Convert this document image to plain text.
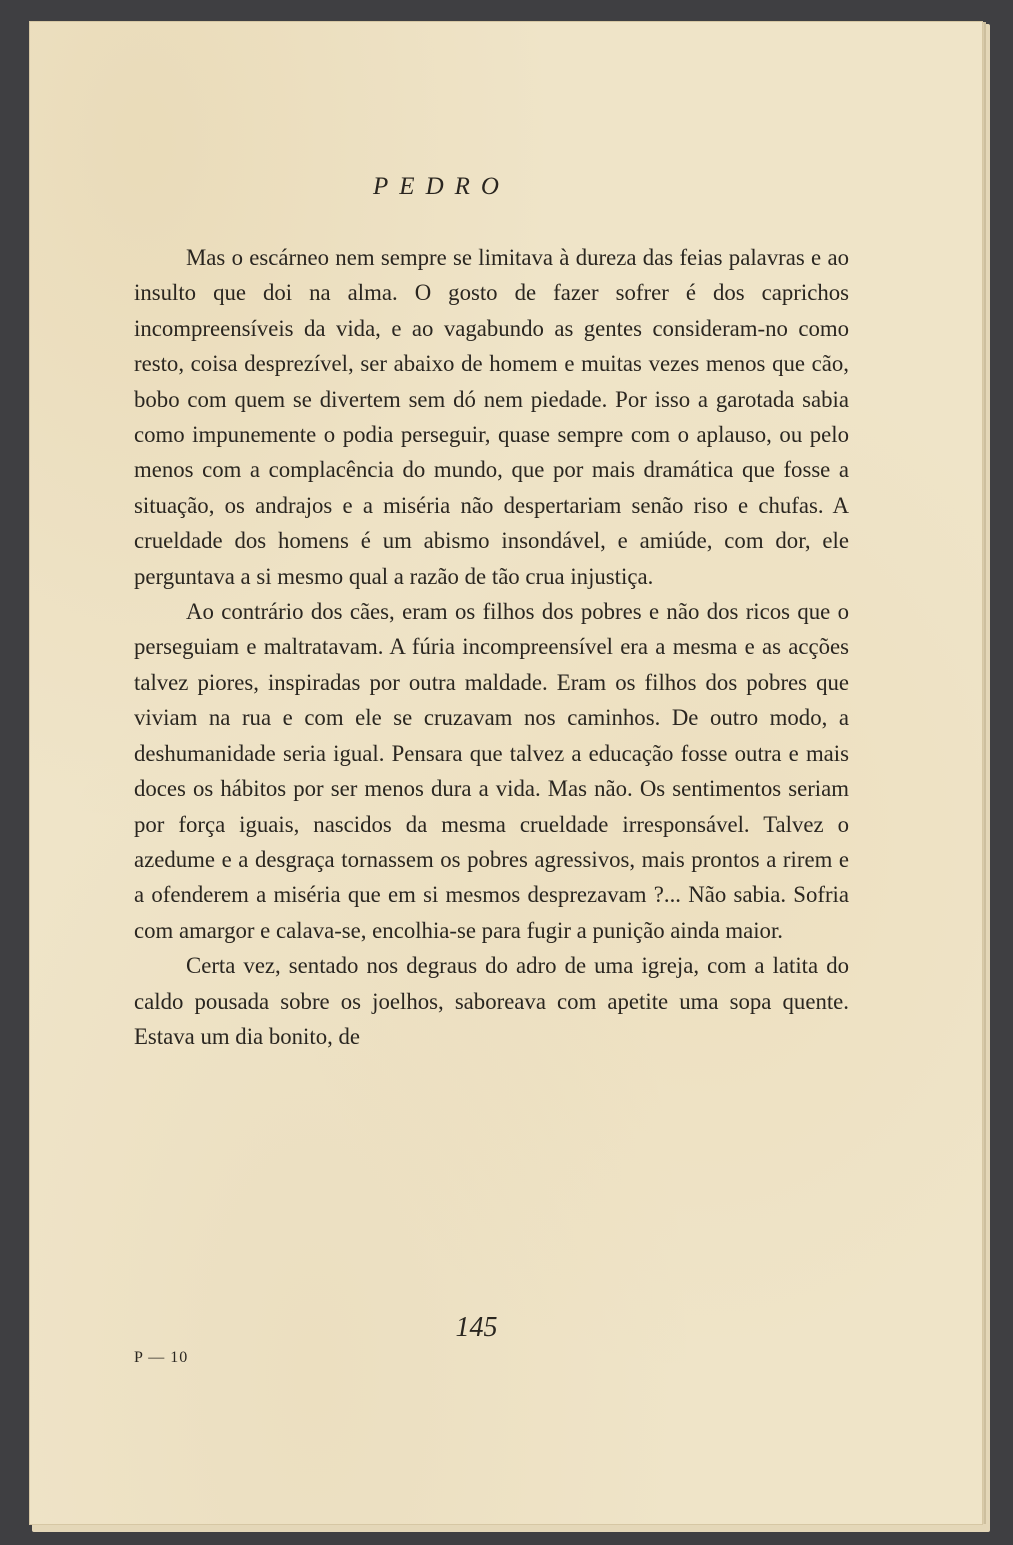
PEDRO

Mas o escárneo nem sempre se limitava à dureza das feias palavras e ao insulto que doi na alma. O gosto de fazer sofrer é dos caprichos incompreensíveis da vida, e ao vagabundo as gentes consideram-no como resto, coisa desprezível, ser abaixo de homem e muitas vezes menos que cão, bobo com quem se divertem sem dó nem piedade. Por isso a garotada sabia como impunemente o podia perseguir, quase sempre com o aplauso, ou pelo menos com a complacência do mundo, que por mais dramática que fosse a situação, os andrajos e a miséria não despertariam senão riso e chufas. A crueldade dos homens é um abismo insondável, e amiúde, com dor, ele perguntava a si mesmo qual a razão de tão crua injustiça.

Ao contrário dos cães, eram os filhos dos pobres e não dos ricos que o perseguiam e maltratavam. A fúria incompreensível era a mesma e as acções talvez piores, inspiradas por outra maldade. Eram os filhos dos pobres que viviam na rua e com ele se cruzavam nos caminhos. De outro modo, a deshumanidade seria igual. Pensara que talvez a educação fosse outra e mais doces os hábitos por ser menos dura a vida. Mas não. Os sentimentos seriam por força iguais, nascidos da mesma crueldade irresponsável. Talvez o azedume e a desgraça tornassem os pobres agressivos, mais prontos a rirem e a ofenderem a miséria que em si mesmos desprezavam ?... Não sabia. Sofria com amargor e calava-se, encolhia-se para fugir a punição ainda maior.

Certa vez, sentado nos degraus do adro de uma igreja, com a latita do caldo pousada sobre os joelhos, saboreava com apetite uma sopa quente. Estava um dia bonito, de

145
P — 10
